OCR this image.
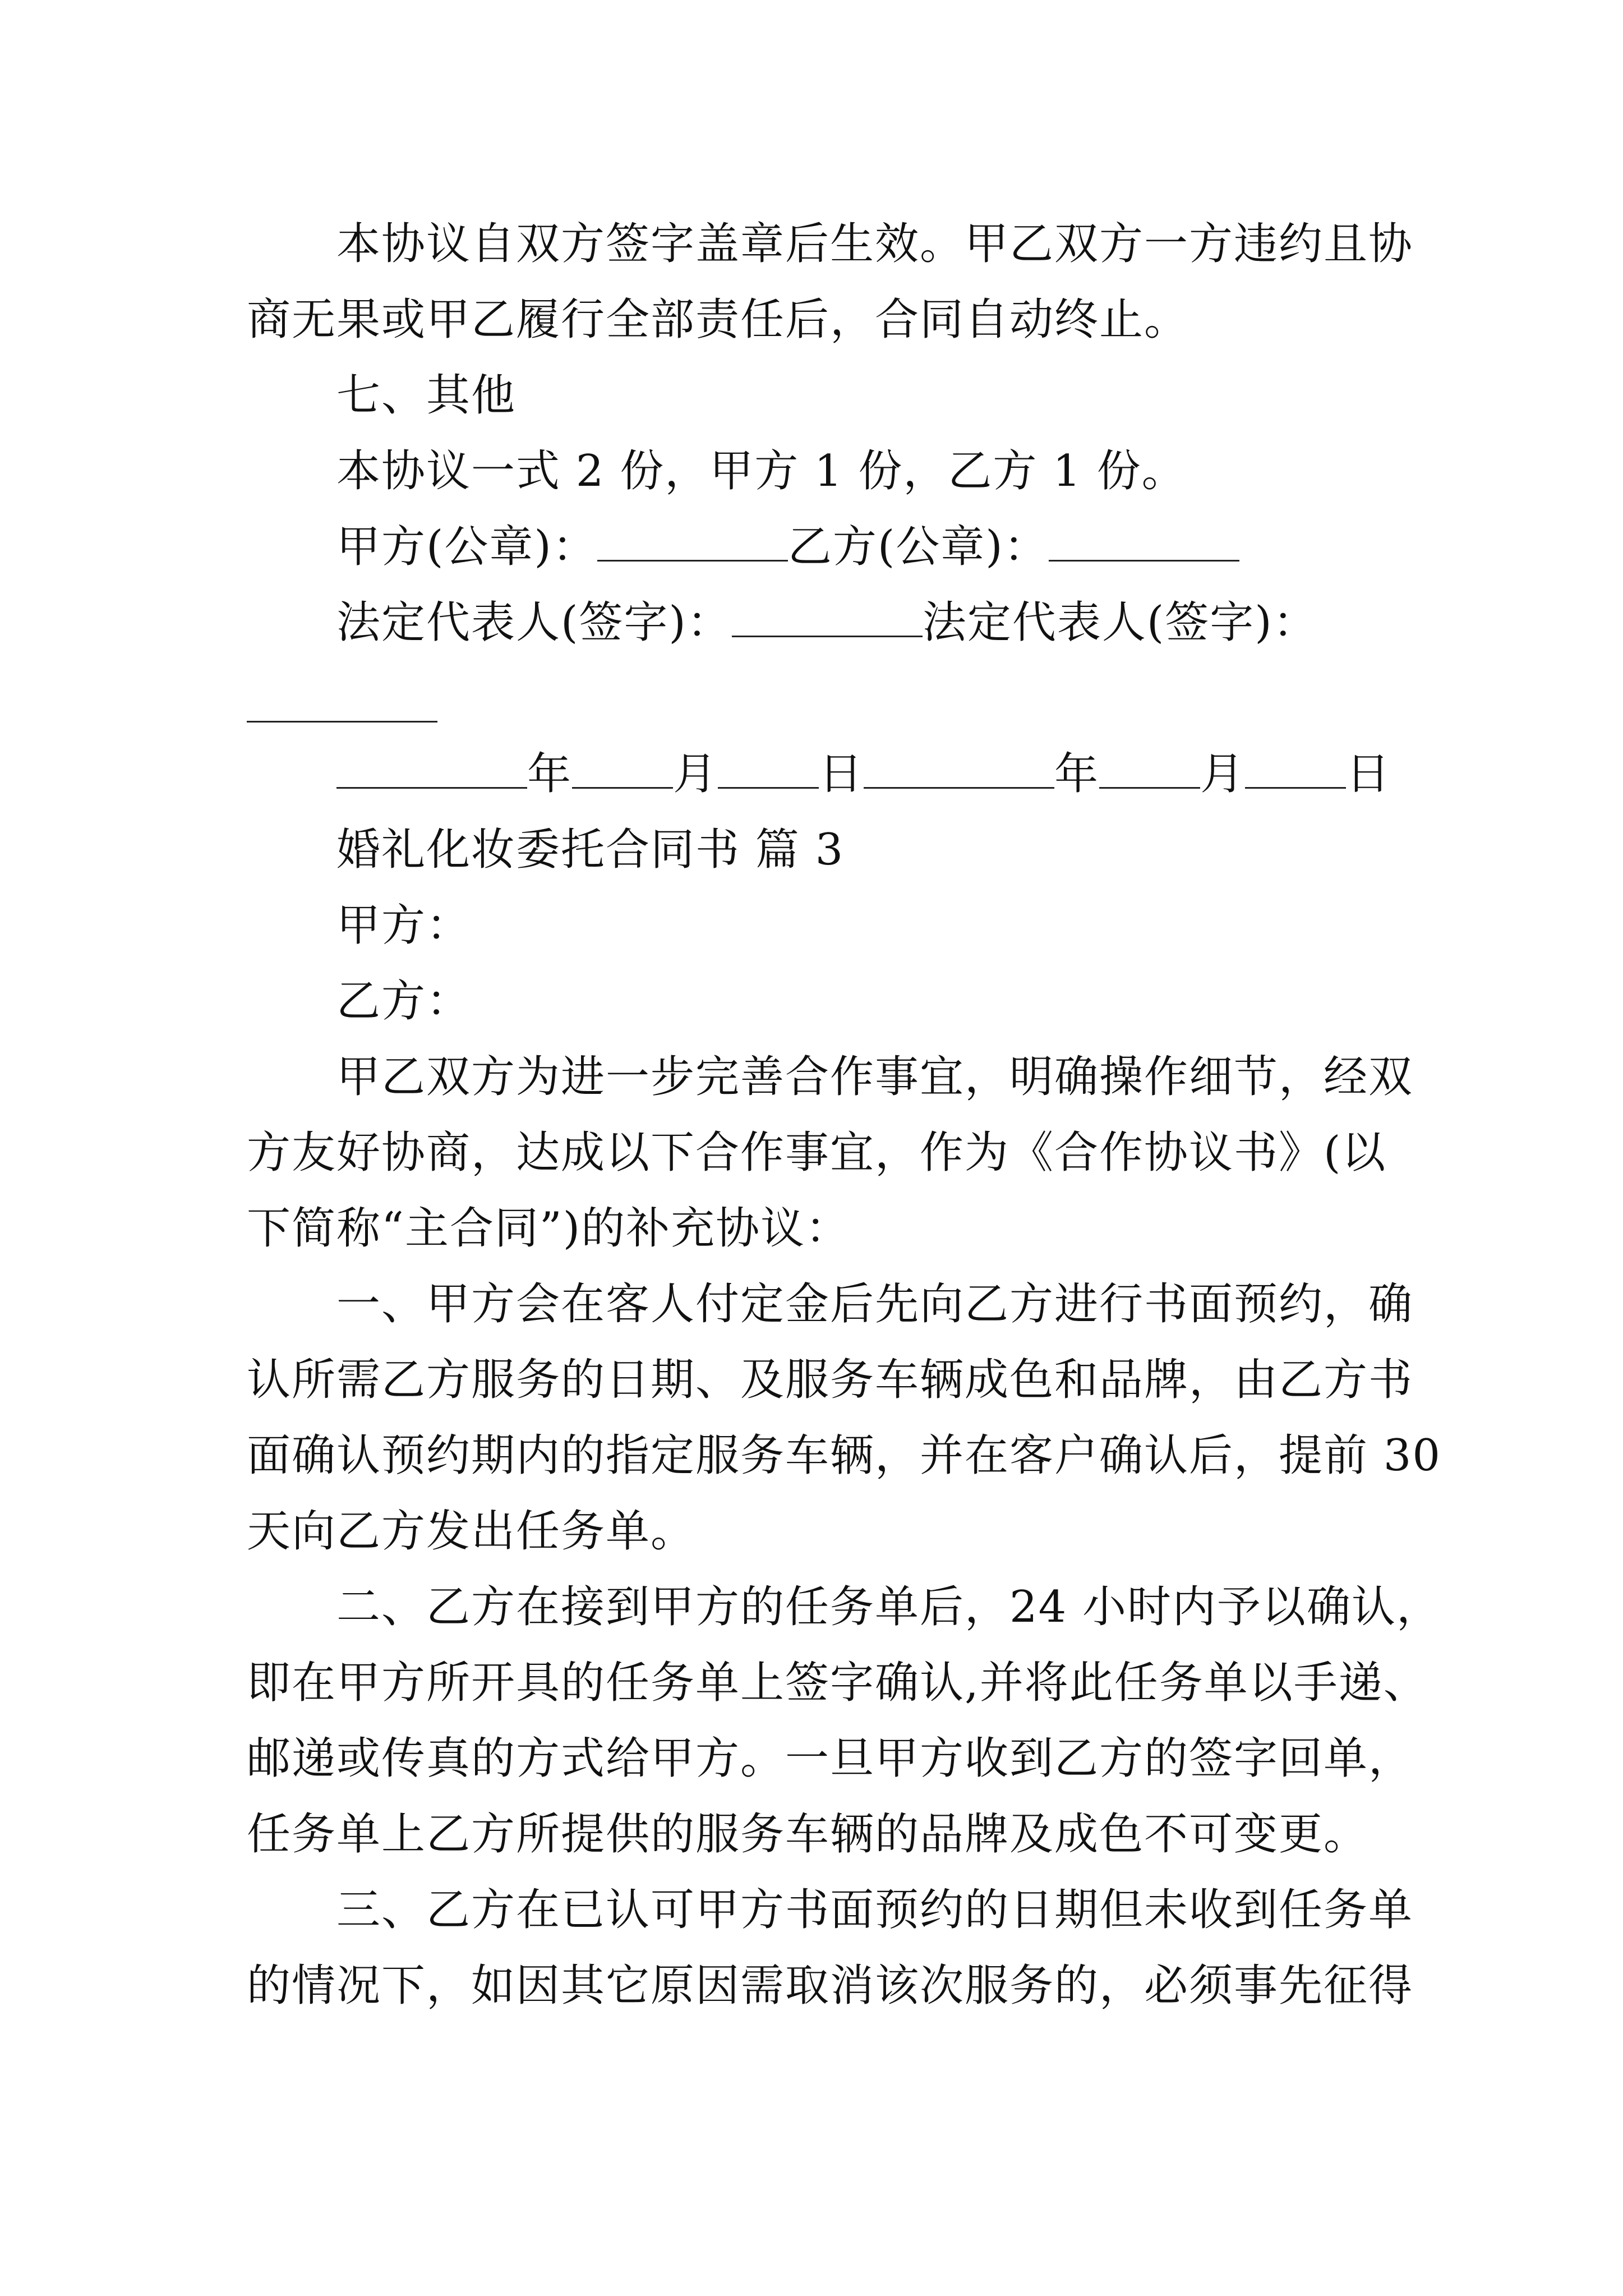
本协议自双方签字盖章后生效。甲乙双方一方违约且协
商无果或甲乙履行全部责任后，合同自动终止。
七、其他
本协议一式 2 份，甲方 1 份，乙方 1 份。
甲方(公章)：	乙方(公章)：
法定代表人(签字)：	法定代表人(签字)：
年 月 日	年 月 日
婚礼化妆委托合同书 篇 3
甲方：
乙方：
甲乙双方为进一步完善合作事宜，明确操作细节，经双
方友好协商，达成以下合作事宜，作为《合作协议书》(以
下简称“主合同”)的补充协议：
一、甲方会在客人付定金后先向乙方进行书面预约，确
认所需乙方服务的日期、及服务车辆成色和品牌，由乙方书
面确认预约期内的指定服务车辆，并在客户确认后，提前 30
天向乙方发出任务单。
二、乙方在接到甲方的任务单后，24 小时内予以确认，
即在甲方所开具的任务单上签字确认,并将此任务单以手递、
邮递或传真的方式给甲方。一旦甲方收到乙方的签字回单，
任务单上乙方所提供的服务车辆的品牌及成色不可变更。
三、乙方在已认可甲方书面预约的日期但未收到任务单
的情况下，如因其它原因需取消该次服务的，必须事先征得
